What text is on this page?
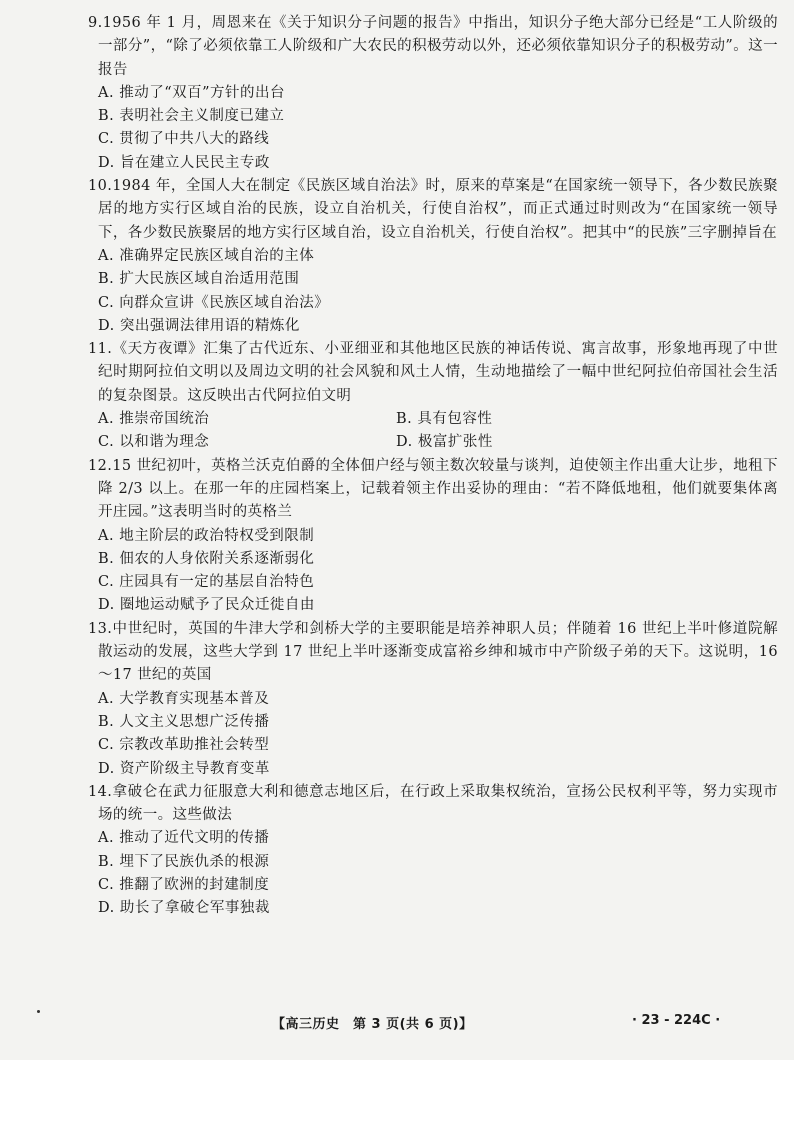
9.1956 年 1 月，周恩来在《关于知识分子问题的报告》中指出，知识分子绝大部分已经是“工人阶级的一部分”，“除了必须依靠工人阶级和广大农民的积极劳动以外，还必须依靠知识分子的积极劳动”。这一报告
A. 推动了“双百”方针的出台
B. 表明社会主义制度已建立
C. 贯彻了中共八大的路线
D. 旨在建立人民民主专政
10.1984 年，全国人大在制定《民族区域自治法》时，原来的草案是“在国家统一领导下，各少数民族聚居的地方实行区域自治的民族，设立自治机关，行使自治权”，而正式通过时则改为“在国家统一领导下，各少数民族聚居的地方实行区域自治，设立自治机关，行使自治权”。把其中“的民族”三字删掉旨在
A. 准确界定民族区域自治的主体
B. 扩大民族区域自治适用范围
C. 向群众宣讲《民族区域自治法》
D. 突出强调法律用语的精炼化
11.《天方夜谭》汇集了古代近东、小亚细亚和其他地区民族的神话传说、寓言故事，形象地再现了中世纪时期阿拉伯文明以及周边文明的社会风貌和风土人情，生动地描绘了一幅中世纪阿拉伯帝国社会生活的复杂图景。这反映出古代阿拉伯文明
A. 推崇帝国统治	B. 具有包容性
C. 以和谐为理念	D. 极富扩张性
12.15 世纪初叶，英格兰沃克伯爵的全体佃户经与领主数次较量与谈判，迫使领主作出重大让步，地租下降 2/3 以上。在那一年的庄园档案上，记载着领主作出妥协的理由：“若不降低地租，他们就要集体离开庄园。”这表明当时的英格兰
A. 地主阶层的政治特权受到限制
B. 佃农的人身依附关系逐渐弱化
C. 庄园具有一定的基层自治特色
D. 圈地运动赋予了民众迁徙自由
13.中世纪时，英国的牛津大学和剑桥大学的主要职能是培养神职人员；伴随着 16 世纪上半叶修道院解散运动的发展，这些大学到 17 世纪上半叶逐渐变成富裕乡绅和城市中产阶级子弟的天下。这说明，16～17 世纪的英国
A. 大学教育实现基本普及
B. 人文主义思想广泛传播
C. 宗教改革助推社会转型
D. 资产阶级主导教育变革
14.拿破仑在武力征服意大利和德意志地区后，在行政上采取集权统治，宣扬公民权利平等，努力实现市场的统一。这些做法
A. 推动了近代文明的传播
B. 埋下了民族仇杀的根源
C. 推翻了欧洲的封建制度
D. 助长了拿破仑军事独裁
【高三历史　第 3 页(共 6 页)】	· 23 - 224C ·
